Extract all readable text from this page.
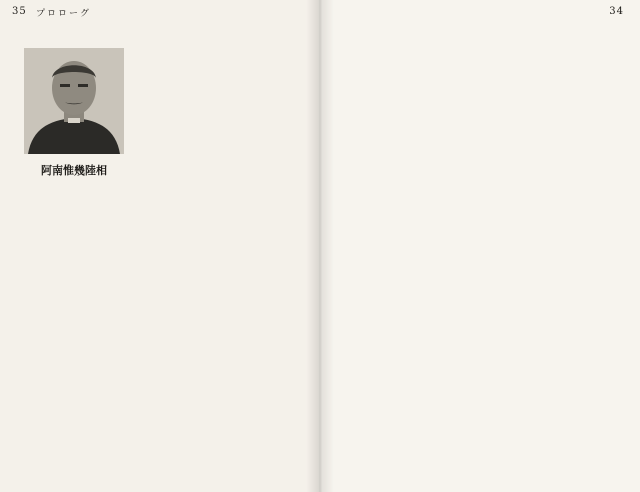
35 プロローグ
阿南惟幾陸相
34
